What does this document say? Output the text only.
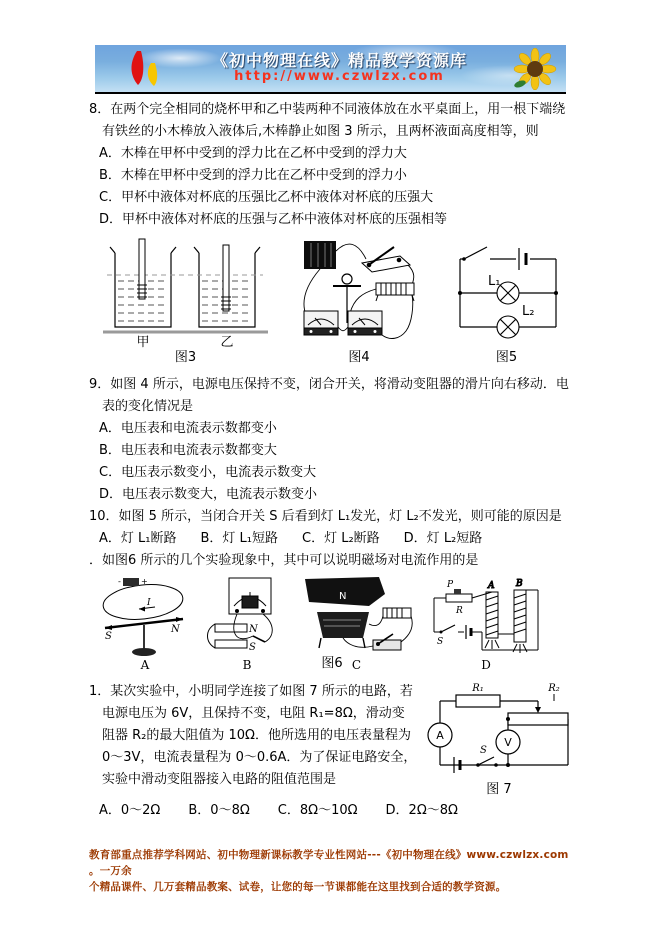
《初中物理在线》精品教学资源库
http://www.czwlzx.com

8．在两个完全相同的烧杯甲和乙中装两种不同液体放在水平桌面上，用一根下端绕有铁丝的小木棒放入液体后,木棒静止如图 3 所示，且两杯液面高度相等，则

A．木棒在甲杯中受到的浮力比在乙杯中受到的浮力大
B．木棒在甲杯中受到的浮力比在乙杯中受到的浮力小
C．甲杯中液体对杯底的压强比乙杯中液体对杯底的压强大
D．甲杯中液体对杯底的压强与乙杯中液体对杯底的压强相等
甲	乙
图3	图4
L₁
L₂
图5

9．如图 4 所示，电源电压保持不变，闭合开关，将滑动变阻器的滑片向右移动．电表的变化情况是

A．电压表和电流表示数都变小
B．电压表和电流表示数都变大
C．电压表示数变小，电流表示数变大
D．电压表示数变大，电流表示数变小

10．如图 5 所示，当闭合开关 S 后看到灯 L₁发光，灯 L₂不发光，则可能的原因是

A．灯 L₁断路 B．灯 L₁短路 C．灯 L₂断路 D．灯 L₂短路

．如图6 所示的几个实验现象中，其中可以说明磁场对电流作用的是

-	+
I
S
N
A
N
S
B
N
C
P
R
S
A B
D
图6
R₁	R₂
A
V
S
图 7

1．某次实验中，小明同学连接了如图 7 所示的电路，若电源电压为 6V，且保持不变，电阻 R₁=8Ω，滑动变阻器 R₂的最大阻值为 10Ω．他所选用的电压表量程为 0～3V，电流表量程为 0～0.6A．为了保证电路安全，实验中滑动变阻器接入电路的阻值范围是

A．0～2Ω B．0～8Ω C．8Ω～10Ω D．2Ω～8Ω
教育部重点推荐学科网站、初中物理新课标教学专业性网站---《初中物理在线》www.czwlzx.com 。一万余
个精品课件、几万套精品教案、试卷，让您的每一节课都能在这里找到合适的教学资源。
